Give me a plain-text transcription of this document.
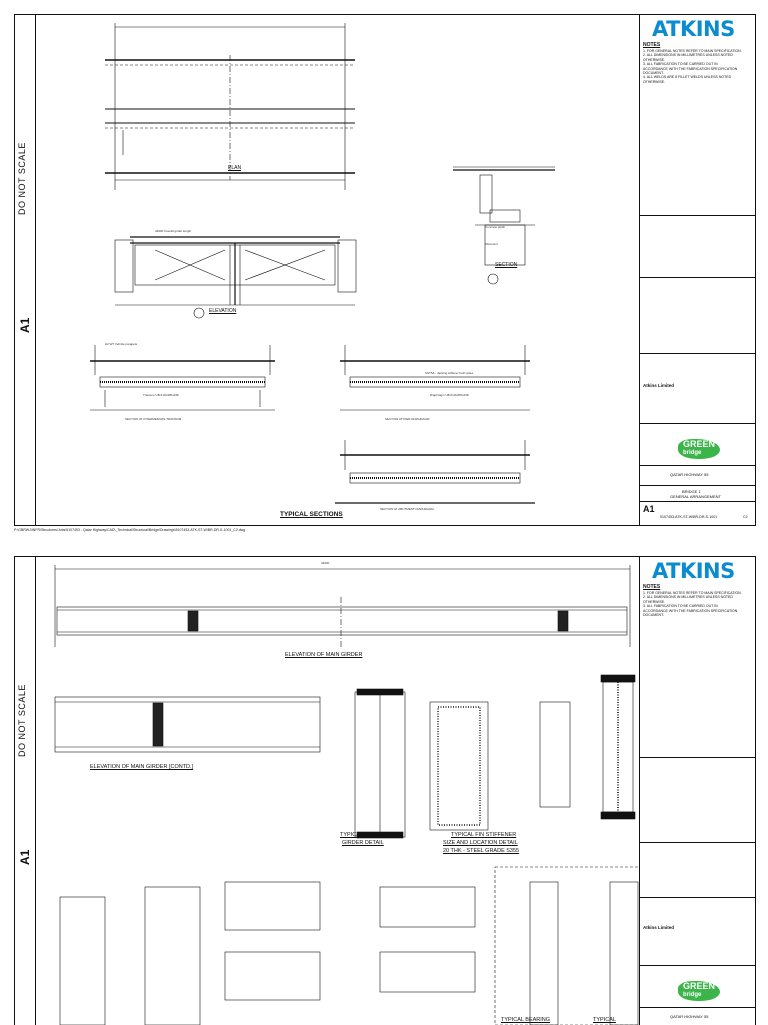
DO NOT SCALE
A1
PLAN
SECTION
ELEVATION
44000 Overall girder length
Concrete plinth
Abutment
H2 W7 Vehicle parapets
Transom UB 610x305x238	Diaphragm UB 610x305x238
SST5A - Jacking stiffener both sides
SECTION AT INTERMEDIATE TRANSOM	SECTION AT PIER DIAPHRAGM
SECTION AT ABUTMENT DIAPHRAGM
TYPICAL SECTIONS
ATKINS
NOTES
1. FOR GENERAL NOTES REFER TO MAIN SPECIFICATION.
2. ALL DIMENSIONS IN MILLIMETRES UNLESS NOTED OTHERWISE.
3. ALL FABRICATION TO BE CARRIED OUT IN ACCORDANCE WITH THE FABRICATION SPECIFICATION DOCUMENT.
4. ALL WELDS ARE 8 FILLET WELDS UNLESS NOTED OTHERWISE.
Atkins Limited
GREEN
bridge
QATAR HIGHWAY 55
BRIDGE 1
GENERAL ARRANGEMENT
A1
5107453-ATK-ST-W/BR-DR-S-1001	C2
P:\GBRWJ\INFR\Structures\Jobs\5107453 - Qatar Highway\CAD\_Technical\Structural\Bridge\Drawings\5107453-ATK-ST-W/BR-DR-S-1001_C2.dwg
DO NOT SCALE
A1
44000
ELEVATION OF MAIN GIRDER
ELEVATION OF MAIN GIRDER [CONTD.]
TYPICAL MAIN
GIRDER DETAIL
TYPICAL FIN STIFFENER
SIZE AND LOCATION DETAIL
20 THK - STEEL GRADE S355
TYPICAL BEARING	TYPICAL
ATKINS
NOTES
1. FOR GENERAL NOTES REFER TO MAIN SPECIFICATION.
2. ALL DIMENSIONS IN MILLIMETRES UNLESS NOTED OTHERWISE.
3. ALL FABRICATION TO BE CARRIED OUT IN ACCORDANCE WITH THE FABRICATION SPECIFICATION DOCUMENT.
Atkins Limited
GREEN
bridge
QATAR HIGHWAY 55
